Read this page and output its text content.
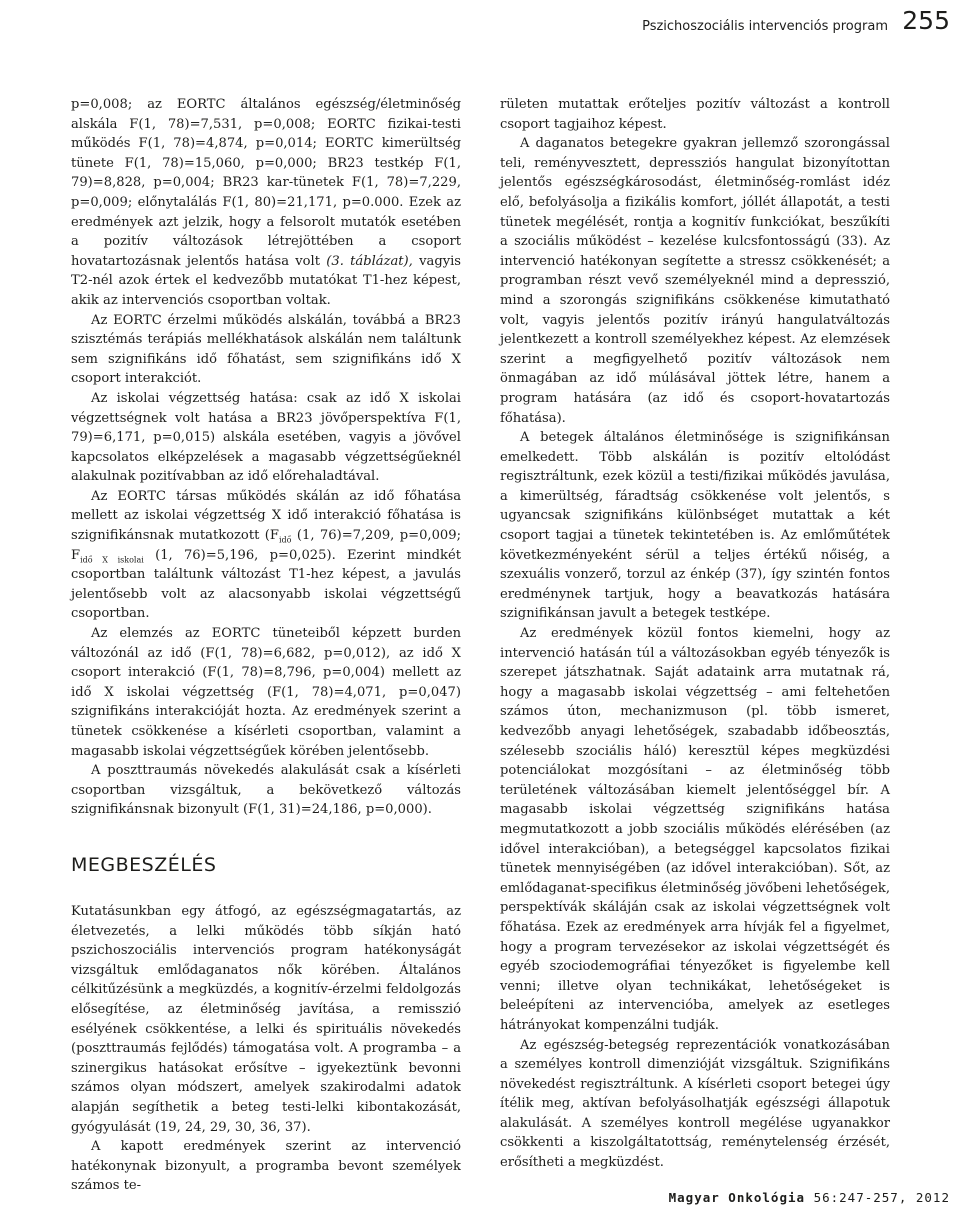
Pszichoszociális intervenciós program 255

p=0,008; az EORTC általános egészség/életminőség alskála F(1, 78)=7,531, p=0,008; EORTC fizikai-testi működés F(1, 78)=4,874, p=0,014; EORTC kimerültség tünete F(1, 78)=15,060, p=0,000; BR23 testkép F(1, 79)=8,828, p=0,004; BR23 kar-tünetek F(1, 78)=7,229, p=0,009; előnytalálás F(1, 80)=21,171, p=0.000. Ezek az eredmények azt jelzik, hogy a felsorolt mutatók esetében a pozitív változások létrejöttében a csoport hovatartozásnak jelentős hatása volt (3. táblázat), vagyis T2-nél azok értek el kedvezőbb mutatókat T1-hez képest, akik az intervenciós csoportban voltak.

Az EORTC érzelmi működés alskálán, továbbá a BR23 szisztémás terápiás mellékhatások alskálán nem találtunk sem szignifikáns idő főhatást, sem szignifikáns idő X csoport interakciót.

Az iskolai végzettség hatása: csak az idő X iskolai végzettségnek volt hatása a BR23 jövőperspektíva F(1, 79)=6,171, p=0,015) alskála esetében, vagyis a jövővel kapcsolatos elképzelések a magasabb végzettségűeknél alakulnak pozitívabban az idő előrehaladtával.

Az EORTC társas működés skálán az idő főhatása mellett az iskolai végzettség X idő interakció főhatása is szignifikánsnak mutatkozott ($F_{idő}$ (1, 76)=7,209, p=0,009; $F_{idő X iskolai}$ (1, 76)=5,196, p=0,025). Ezerint mindkét csoportban találtunk változást T1-hez képest, a javulás jelentősebb volt az alacsonyabb iskolai végzettségű csoportban.

Az elemzés az EORTC tüneteiből képzett burden változónál az idő (F(1, 78)=6,682, p=0,012), az idő X csoport interakció (F(1, 78)=8,796, p=0,004) mellett az idő X iskolai végzettség (F(1, 78)=4,071, p=0,047) szignifikáns interakcióját hozta. Az eredmények szerint a tünetek csökkenése a kísérleti csoportban, valamint a magasabb iskolai végzettségűek körében jelentősebb.

A poszttraumás növekedés alakulását csak a kísérleti csoportban vizsgáltuk, a bekövetkező változás szignifikánsnak bizonyult (F(1, 31)=24,186, p=0,000).

MEGBESZÉLÉS

Kutatásunkban egy átfogó, az egészségmagatartás, az életvezetés, a lelki működés több síkján ható pszichoszociális intervenciós program hatékonyságát vizsgáltuk emlődaganatos nők körében. Általános célkitűzésünk a megküzdés, a kognitív-érzelmi feldolgozás elősegítése, az életminőség javítása, a remisszió esélyének csökkentése, a lelki és spirituális növekedés (poszttraumás fejlődés) támogatása volt. A programba – a szinergikus hatásokat erősítve – igyekeztünk bevonni számos olyan módszert, amelyek szakirodalmi adatok alapján segíthetik a beteg testi-lelki kibontakozását, gyógyulását (19, 24, 29, 30, 36, 37).

A kapott eredmények szerint az intervenció hatékonynak bizonyult, a programba bevont személyek számos te-

rületen mutattak erőteljes pozitív változást a kontroll csoport tagjaihoz képest.

A daganatos betegekre gyakran jellemző szorongással teli, reményvesztett, depressziós hangulat bizonyítottan jelentős egészségkárosodást, életminőség-romlást idéz elő, befolyásolja a fizikális komfort, jóllét állapotát, a testi tünetek megélését, rontja a kognitív funkciókat, beszűkíti a szociális működést – kezelése kulcsfontosságú (33). Az intervenció hatékonyan segítette a stressz csökkenését; a programban részt vevő személyeknél mind a depresszió, mind a szorongás szignifikáns csökkenése kimutatható volt, vagyis jelentős pozitív irányú hangulatváltozás jelentkezett a kontroll személyekhez képest. Az elemzések szerint a megfigyelhető pozitív változások nem önmagában az idő múlásával jöttek létre, hanem a program hatására (az idő és csoport-hovatartozás főhatása).

A betegek általános életminősége is szignifikánsan emelkedett. Több alskálán is pozitív eltolódást regisztráltunk, ezek közül a testi/fizikai működés javulása, a kimerültség, fáradtság csökkenése volt jelentős, s ugyancsak szignifikáns különbséget mutattak a két csoport tagjai a tünetek tekintetében is. Az emlőműtétek következményeként sérül a teljes értékű nőiség, a szexuális vonzerő, torzul az énkép (37), így szintén fontos eredménynek tartjuk, hogy a beavatkozás hatására szignifikánsan javult a betegek testképe.

Az eredmények közül fontos kiemelni, hogy az intervenció hatásán túl a változásokban egyéb tényezők is szerepet játszhatnak. Saját adataink arra mutatnak rá, hogy a magasabb iskolai végzettség – ami feltehetően számos úton, mechanizmuson (pl. több ismeret, kedvezőbb anyagi lehetőségek, szabadabb időbeosztás, szélesebb szociális háló) keresztül képes megküzdési potenciálokat mozgósítani – az életminőség több területének változásában kiemelt jelentőséggel bír. A magasabb iskolai végzettség szignifikáns hatása megmutatkozott a jobb szociális működés elérésében (az idővel interakcióban), a betegséggel kapcsolatos fizikai tünetek mennyiségében (az idővel interakcióban). Sőt, az emlődaganat-specifikus életminőség jövőbeni lehetőségek, perspektívák skáláján csak az iskolai végzettségnek volt főhatása. Ezek az eredmények arra hívják fel a figyelmet, hogy a program tervezésekor az iskolai végzettségét és egyéb szociodemográfiai tényezőket is figyelembe kell venni; illetve olyan technikákat, lehetőségeket is beleépíteni az intervencióba, amelyek az esetleges hátrányokat kompenzálni tudják.

Az egészség-betegség reprezentációk vonatkozásában a személyes kontroll dimenzióját vizsgáltuk. Szignifikáns növekedést regisztráltunk. A kísérleti csoport betegei úgy ítélik meg, aktívan befolyásolhatják egészségi állapotuk alakulását. A személyes kontroll megélése ugyanakkor csökkenti a kiszolgáltatottság, reménytelenség érzését, erősítheti a megküzdést.

Magyar Onkológia 56:247-257, 2012
